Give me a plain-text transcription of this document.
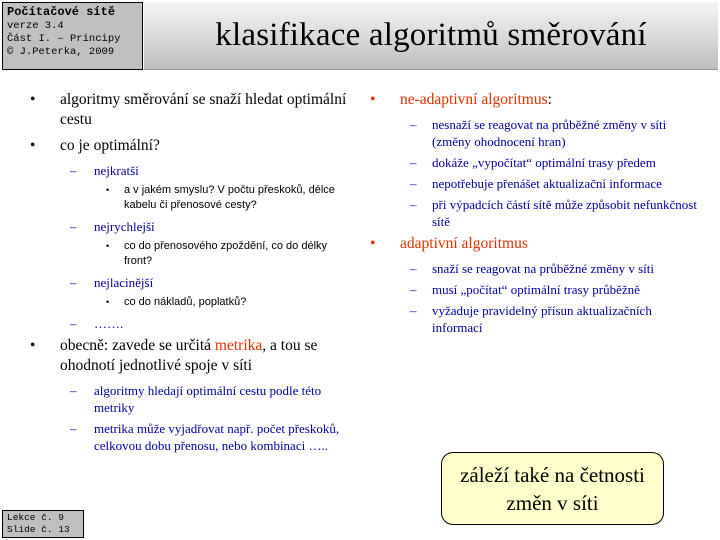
Počítačové sítě
verze 3.4
Část I. – Principy
© J.Peterka, 2009	klasifikace algoritmů směrování
• algoritmy směrování se snaží hledat optimální cestu
• co je optimální?
– nejkratší
• a v jakém smyslu? V počtu přeskoků, délce kabelu či přenosové cesty?
– nejrychlejší
• co do přenosového zpoždění, co do délky front?
– nejlacinější
• co do nákladů, poplatků?
– …….
• obecně: zavede se určitá metrika, a tou se ohodnotí jednotlivé spoje v síti
– algoritmy hledají optimální cestu podle této metriky
– metrika může vyjadřovat např. počet přeskoků, celkovou dobu přenosu, nebo kombinaci …..
• ne-adaptivní algoritmus:
– nesnaží se reagovat na průběžné změny v síti (změny ohodnocení hran)
– dokáže „vypočítat“ optimální trasy předem
– nepotřebuje přenášet aktualizační informace
– při výpadcích částí sítě může způsobit nefunkčnost sítě
• adaptivní algoritmus
– snaží se reagovat na průběžné změny v síti
– musí „počítat“ optimální trasy průběžně
– vyžaduje pravidelný přísun aktualizačních informací
záleží také na četnosti
změn v síti
Lekce č. 9
Slide č. 13
